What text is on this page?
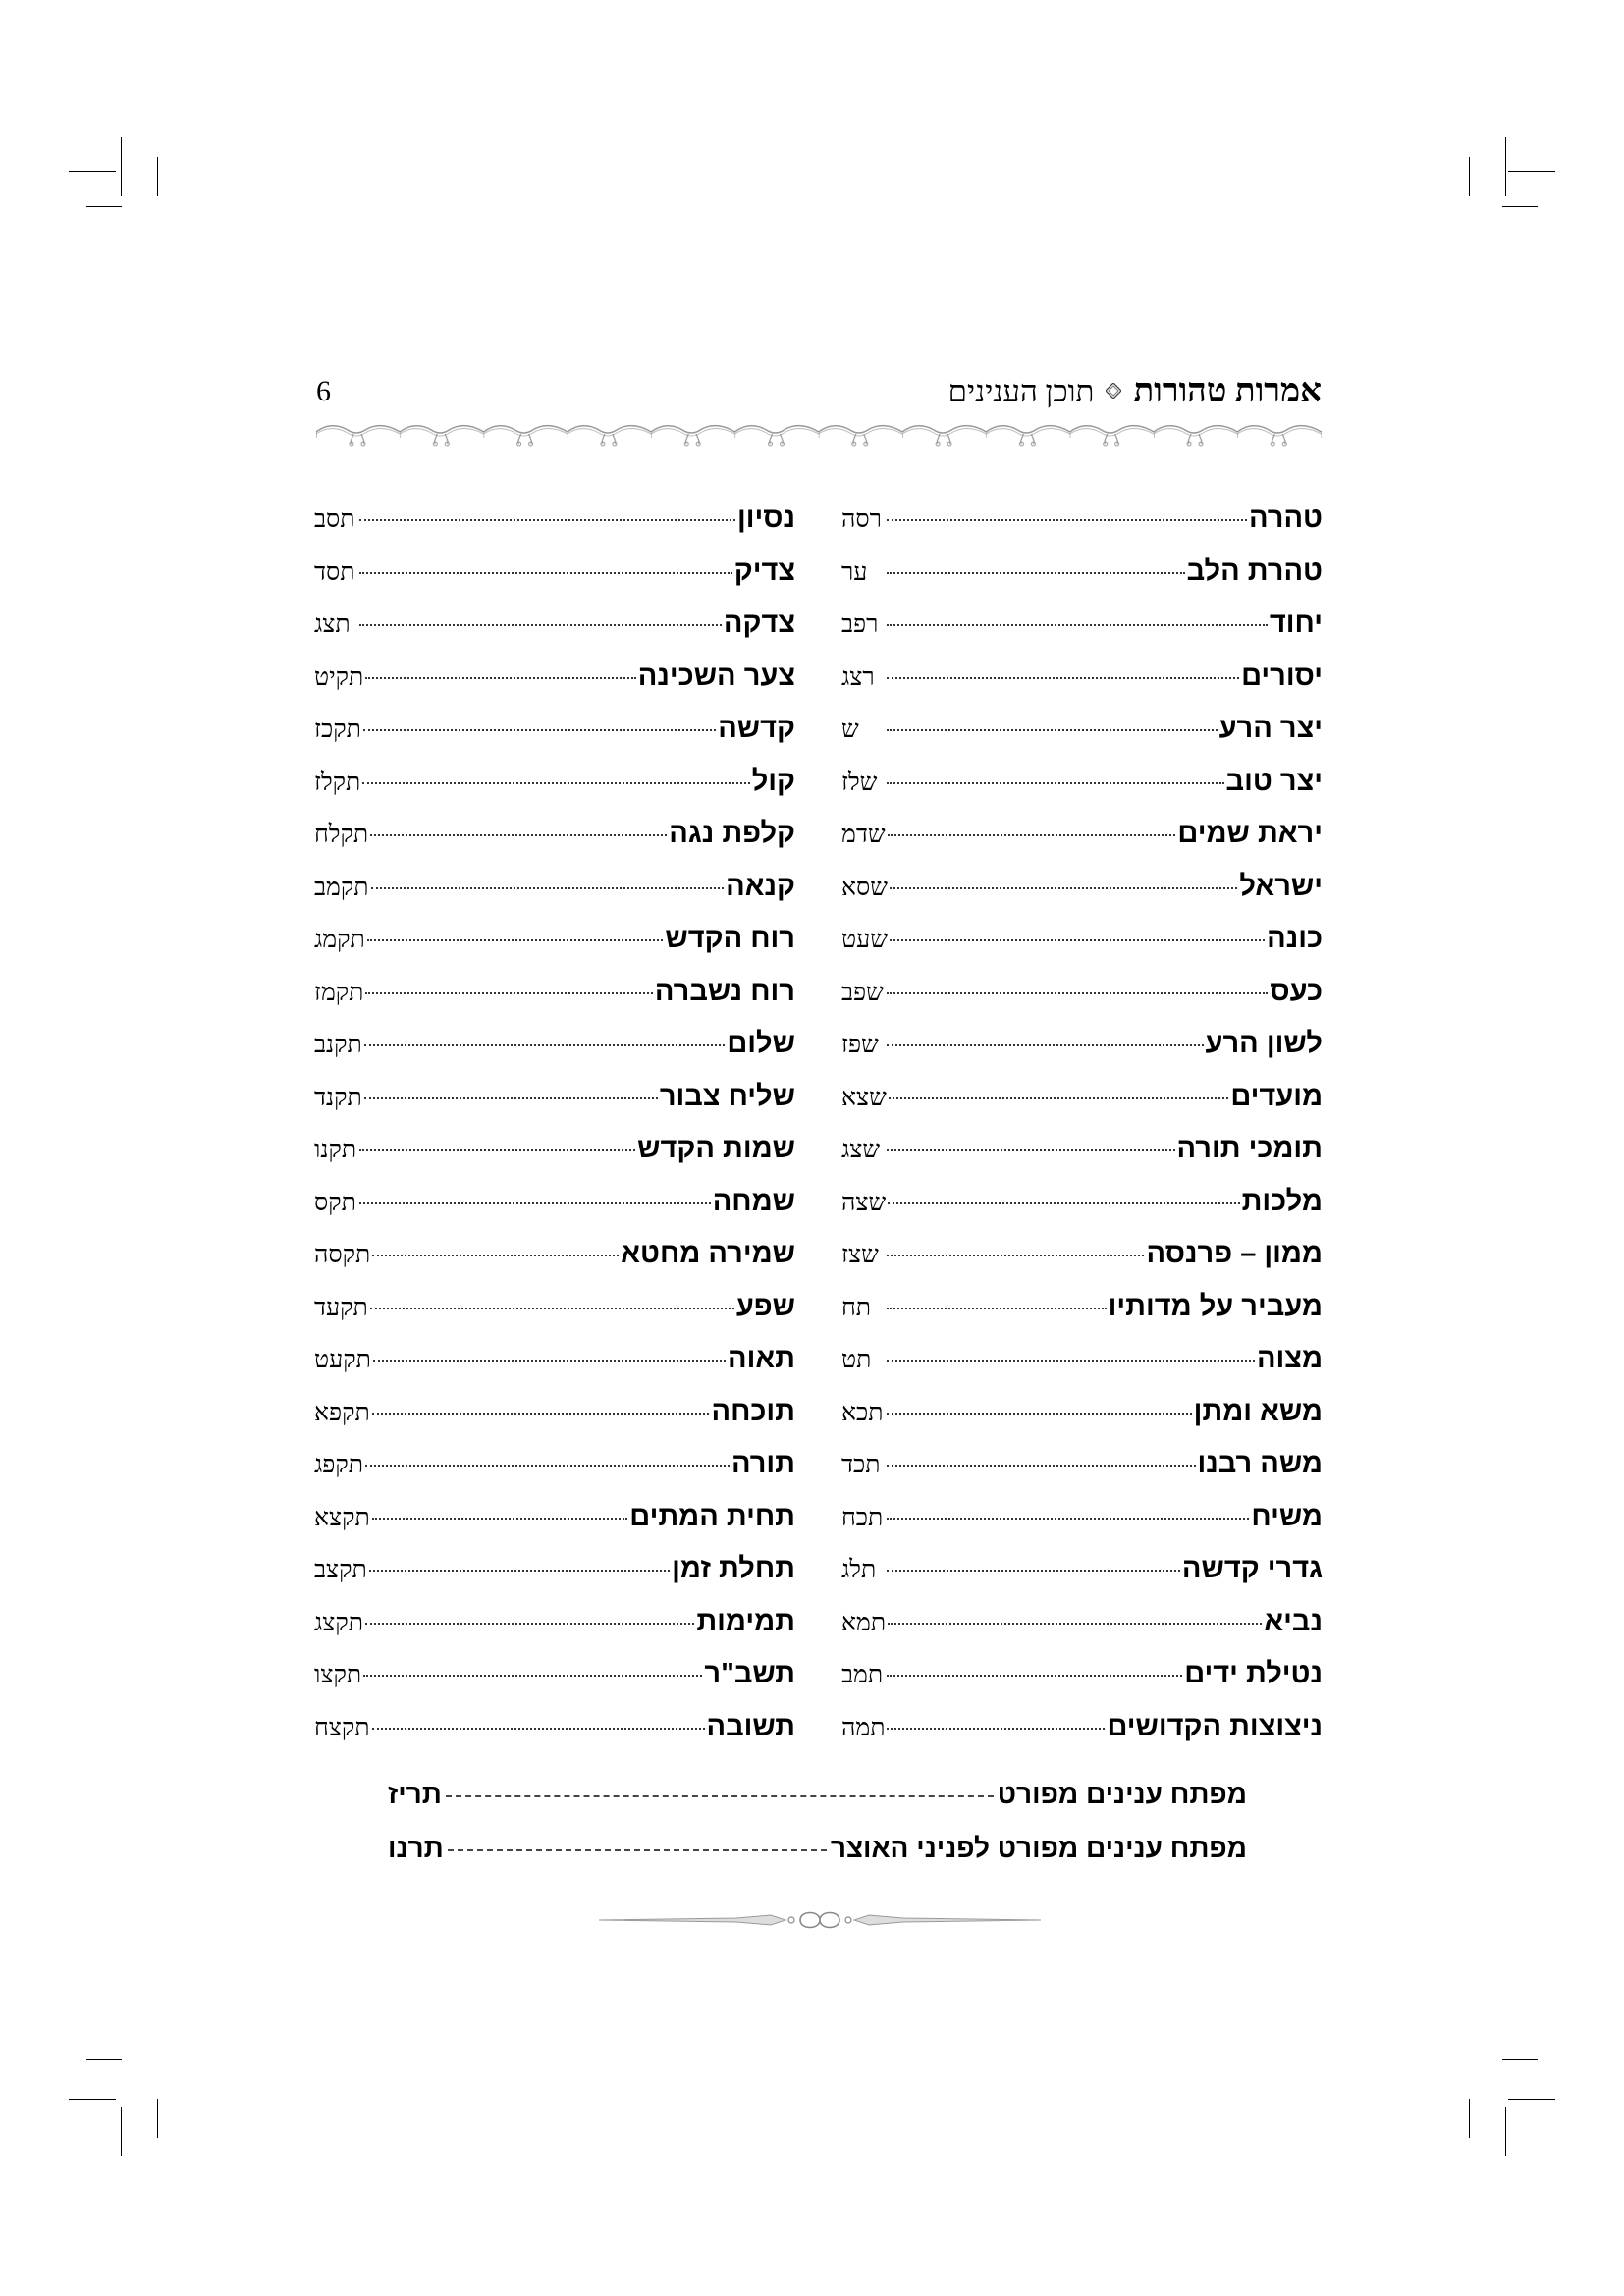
אמרות טהורות
תוכן הענינים
6
טהרה
רסה
טהרת הלב
ער
יחוד
רפב
יסורים
רצג
יצר הרע
ש
יצר טוב
שלז
יראת שמים
שדמ
ישראל
שסא
כונה
שעט
כעס
שפב
לשון הרע
שפז
מועדים
שצא
תומכי תורה
שצג
מלכות
שצה
ממון – פרנסה
שצז
מעביר על מדותיו
תח
מצוה
תט
משא ומתן
תכא
משה רבנו
תכד
משיח
תכח
גדרי קדשה
תלג
נביא
תמא
נטילת ידים
תמב
ניצוצות הקדושים
תמה
נסיון
תסב
צדיק
תסד
צדקה
תצג
צער השכינה
תקיט
קדשה
תקכז
קול
תקלז
קלפת נגה
תקלח
קנאה
תקמב
רוח הקדש
תקמג
רוח נשברה
תקמז
שלום
תקנב
שליח צבור
תקנד
שמות הקדש
תקנו
שמחה
תקס
שמירה מחטא
תקסה
שפע
תקעד
תאוה
תקעט
תוכחה
תקפא
תורה
תקפג
תחית המתים
תקצא
תחלת זמן
תקצב
תמימות
תקצג
תשב"ר
תקצו
תשובה
תקצח
מפתח ענינים מפורט
תריז
מפתח ענינים מפורט לפניני האוצר
תרנו
